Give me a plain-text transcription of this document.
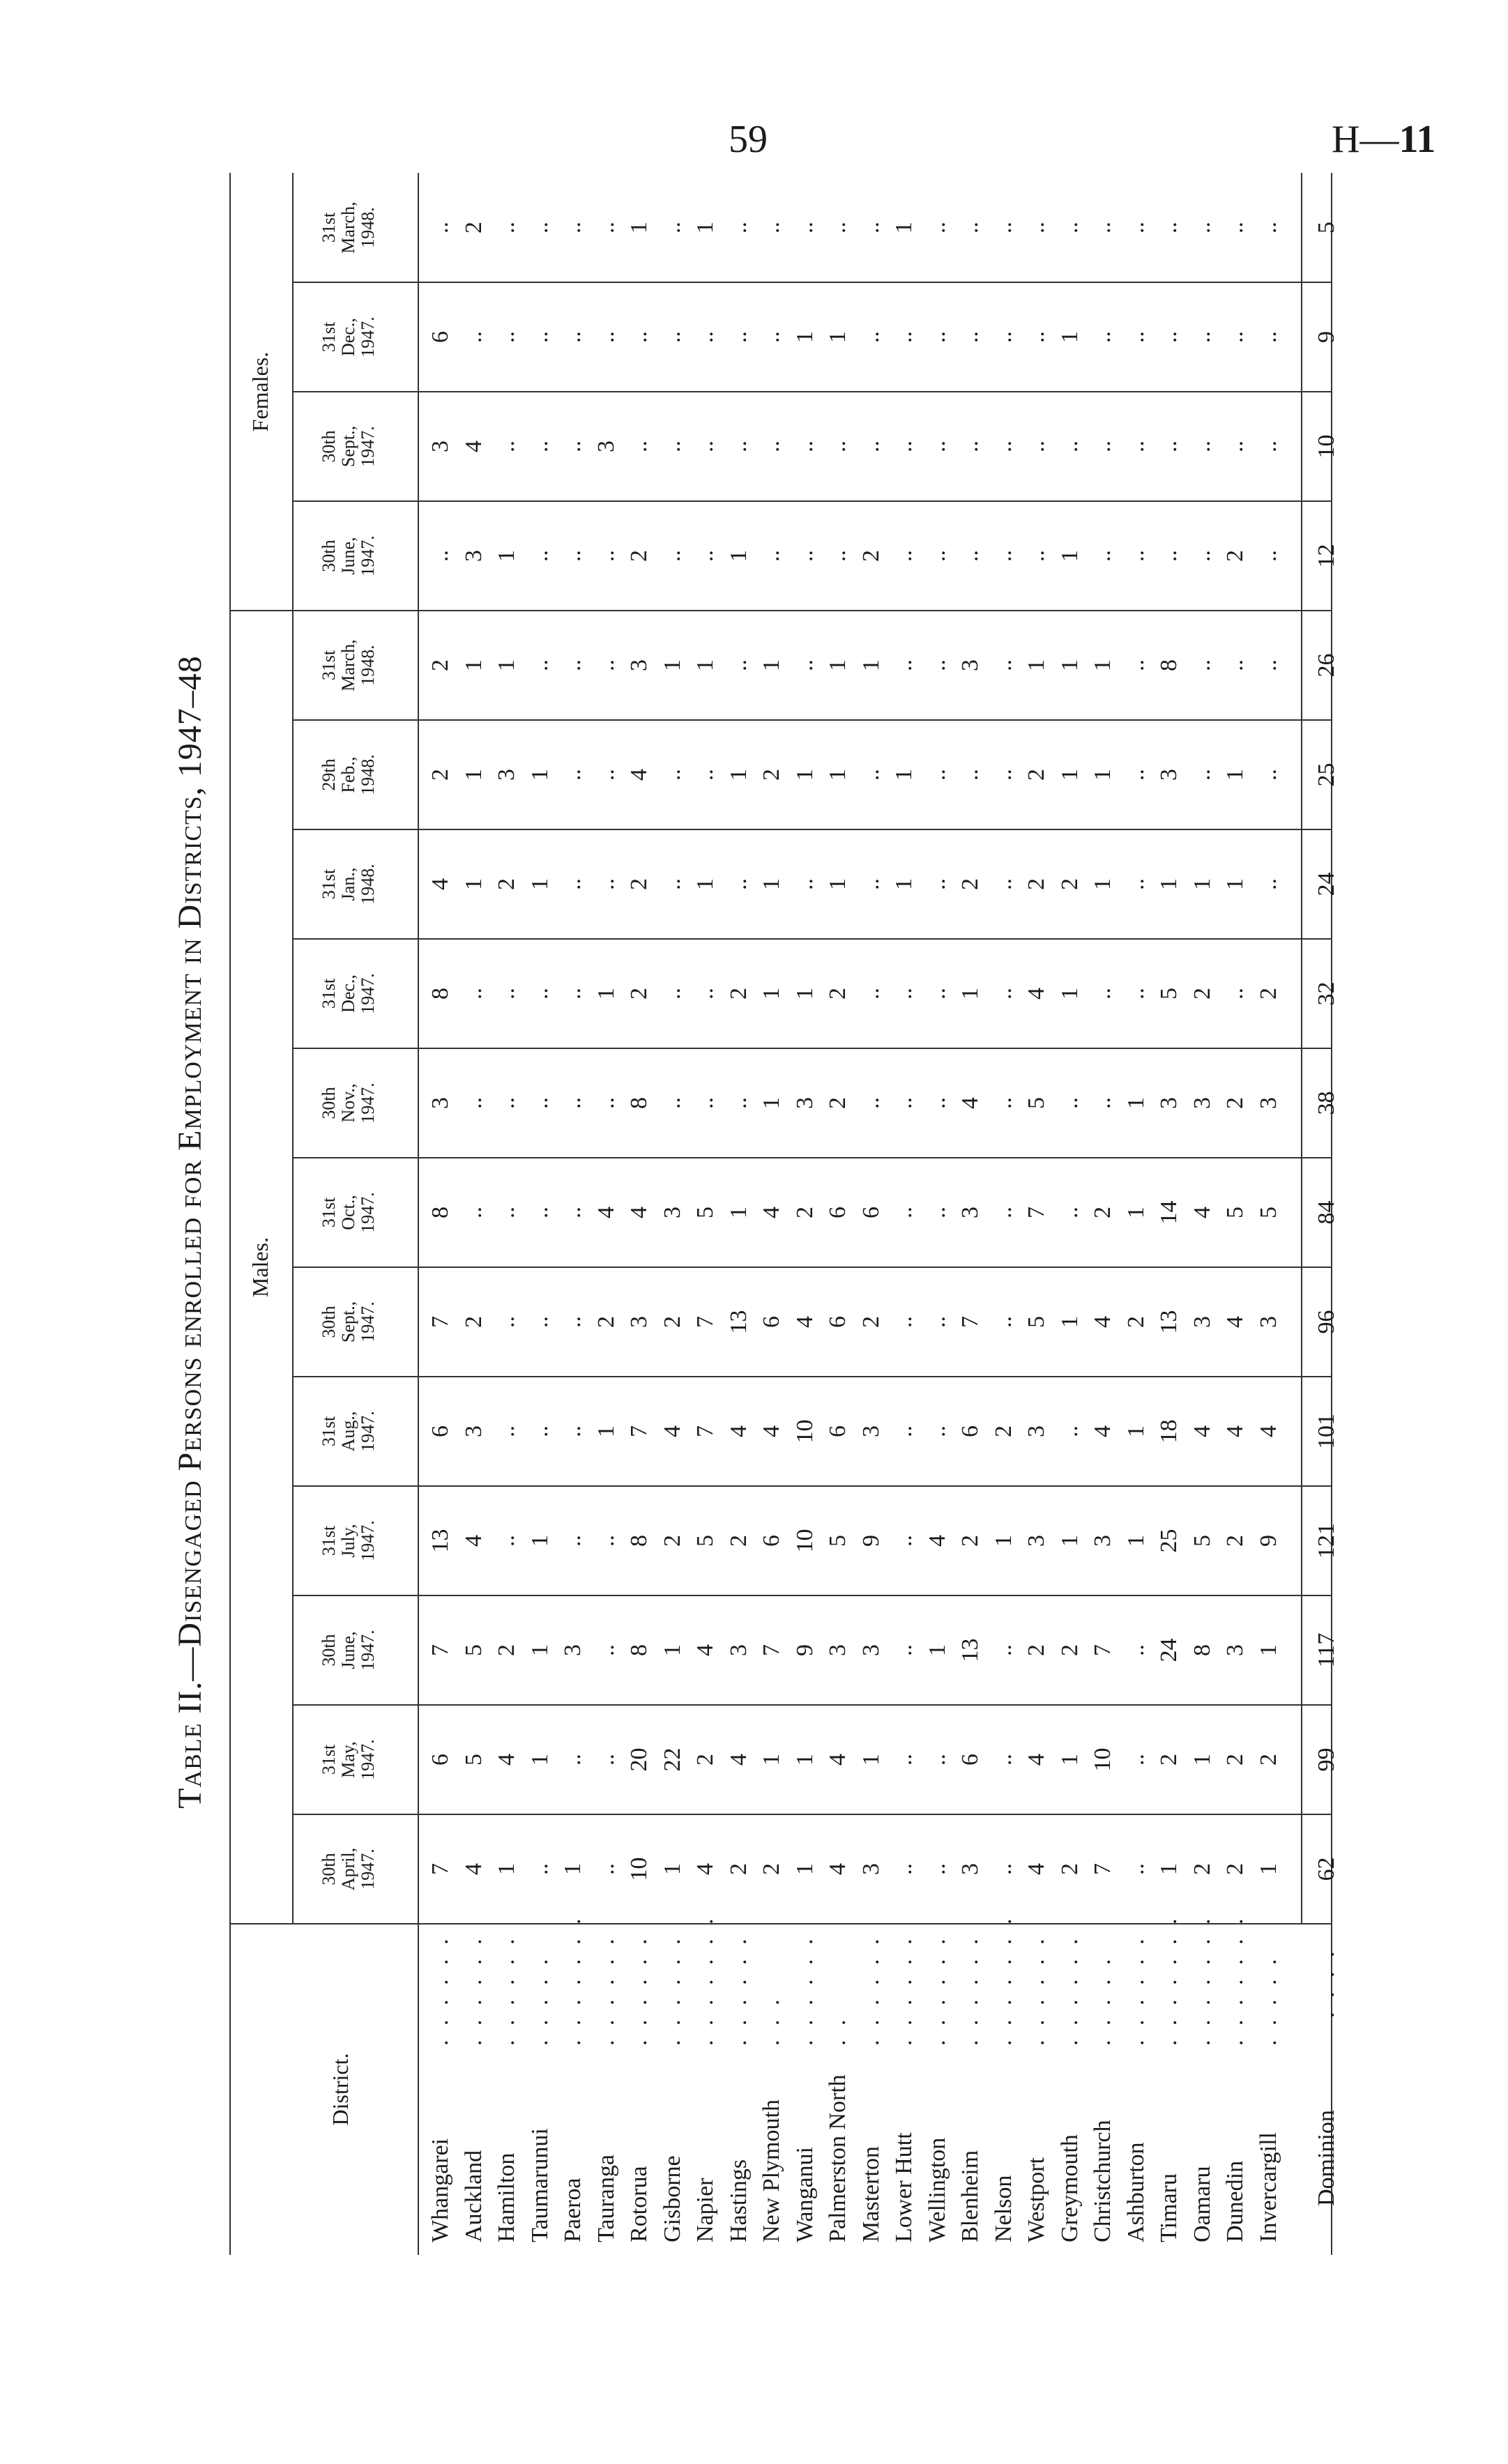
59	H—11
Table II.—Disengaged Persons enrolled for Employment in Districts, 1947–48
District.
Males.
Females.
30th April, 1947.
31st May, 1947.
30th June, 1947.
31st July, 1947.
31st Aug., 1947.
30th Sept., 1947.
31st Oct., 1947.
30th Nov., 1947.
31st Dec., 1947.
31st Jan., 1948.
29th Feb., 1948.
31st March, 1948.
30th June, 1947.
30th Sept., 1947.
31st Dec., 1947.
31st March, 1948.
Whangarei
. . . . . .
7
6
7
13
6
7
8
3
8
4
2
2
..
3
6
..
Auckland
. . . . . .
4
5
5
4
3
2
..
..
..
1
1
1
3
4
..
2
Hamilton
. . . . . .
1
4
2
..
..
..
..
..
..
2
3
1
1
..
..
..
Taumarunui
. . . . .
..
1
1
1
..
..
..
..
..
1
1
..
..
..
..
..
Paeroa
. . . . . . .
1
..
3
..
..
..
..
..
..
..
..
..
..
..
..
..
Tauranga
. . . . . .
..
..
..
..
1
2
4
..
1
..
..
..
..
3
..
..
Rotorua
. . . . . .
10
20
8
8
7
3
4
8
2
2
4
3
2
..
..
1
Gisborne
. . . . . .
1
22
1
2
4
2
3
..
..
..
..
1
..
..
..
..
Napier
. . . . . . .
4
2
4
5
7
7
5
..
..
1
..
1
..
..
..
1
Hastings
. . . . . .
2
4
3
2
4
13
1
..
2
..
1
..
1
..
..
..
New Plymouth
. . .
2
1
7
6
4
6
4
1
1
1
2
1
..
..
..
..
Wanganui
. . . . . .
1
1
9
10
10
4
2
3
1
..
1
..
..
..
1
..
Palmerston North
. .
4
4
3
5
6
6
6
2
2
1
1
1
..
..
1
..
Masterton
. . . . . .
3
1
3
9
3
2
6
..
..
..
..
1
2
..
..
..
Lower Hutt
. . . . . .
..
..
..
..
..
..
..
..
..
1
1
..
..
..
..
1
Wellington
. . . . . .
..
..
1
4
..
..
..
..
..
..
..
..
..
..
..
..
Blenheim
. . . . . .
3
6
13
2
6
7
3
4
1
2
..
3
..
..
..
..
Nelson
. . . . . . .
..
..
..
1
2
..
..
..
..
..
..
..
..
..
..
..
Westport
. . . . . .
4
4
2
3
3
5
7
5
4
2
2
1
..
..
..
..
Greymouth
. . . . . .
2
1
2
1
..
1
..
..
1
2
1
1
1
..
1
..
Christchurch
. . . . .
7
10
7
3
4
4
2
..
..
1
1
1
..
..
..
..
Ashburton
. . . . . .
..
..
..
1
1
2
1
1
..
..
..
..
..
..
..
..
Timaru
. . . . . . .
1
2
24
25
18
13
14
3
5
1
3
8
..
..
..
..
Oamaru
. . . . . . .
2
1
8
5
4
3
4
3
2
1
..
..
..
..
..
..
Dunedin
. . . . . . .
2
2
3
2
4
4
5
2
..
1
1
..
2
..
..
..
Invercargill
. . . . .
1
2
1
9
4
3
5
3
2
..
..
..
..
..
..
..
Dominion
. . . .
62
99
117
121
101
96
84
38
32
24
25
26
12
10
9
5
